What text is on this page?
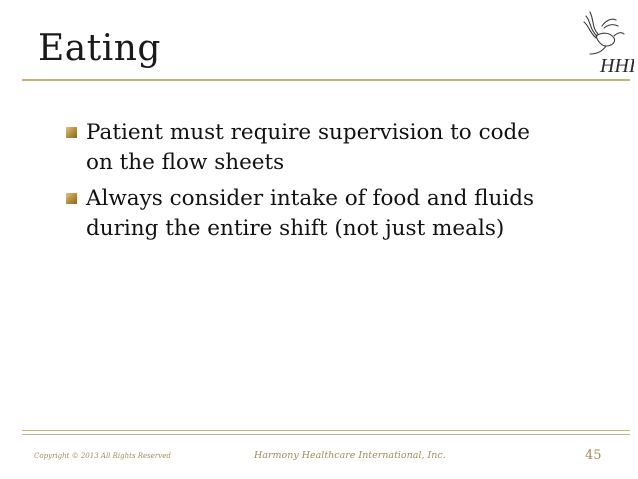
Eating	HHI
Patient must require supervision to code on the flow sheets
Always consider intake of food and fluids during the entire shift (not just meals)
Copyright © 2013 All Rights Reserved	Harmony Healthcare International, Inc.	45
